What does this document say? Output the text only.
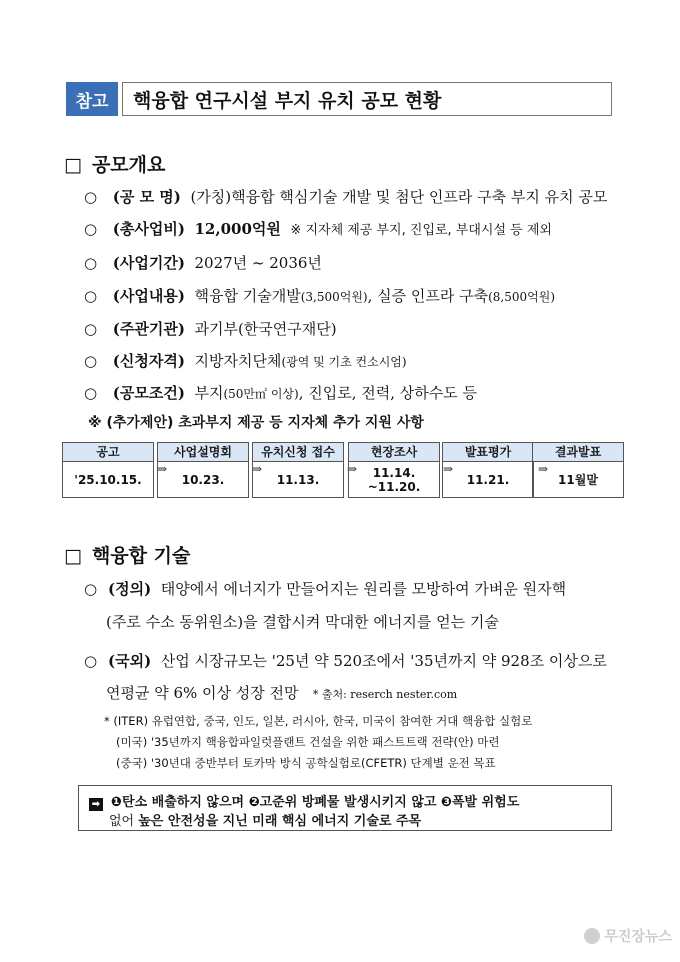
참고	핵융합 연구시설 부지 유치 공모 현황
□ 공모개요
○ (공 모 명) (가칭)핵융합 핵심기술 개발 및 첨단 인프라 구축 부지 유치 공모
○ (총사업비) 12,000억원 ※ 지자체 제공 부지, 진입로, 부대시설 등 제외
○ (사업기간) 2027년 ~ 2036년
○ (사업내용) 핵융합 기술개발(3,500억원), 실증 인프라 구축(8,500억원)
○ (주관기관) 과기부(한국연구재단)
○ (신청자격) 지방자치단체(광역 및 기초 컨소시엄)
○ (공모조건) 부지(50만㎡ 이상), 진입로, 전력, 상하수도 등
※ (추가제안) 초과부지 제공 등 지자체 추가 지원 사항
공고
'25.10.15.
⇒
사업설명회
10.23.
⇒
유치신청 접수
11.13.
⇒
현장조사
11.14.
~11.20.
⇒
발표평가
11.21.
⇒
결과발표
11월말
□ 핵융합 기술
○ (정의) 태양에서 에너지가 만들어지는 원리를 모방하여 가벼운 원자핵
(주로 수소 동위원소)을 결합시켜 막대한 에너지를 얻는 기술
○ (국외) 산업 시장규모는 '25년 약 520조에서 '35년까지 약 928조 이상으로
연평균 약 6% 이상 성장 전망 * 출처: reserch nester.com
* (ITER) 유럽연합, 중국, 인도, 일본, 러시아, 한국, 미국이 참여한 거대 핵융합 실험로
(미국) '35년까지 핵융합파일럿플랜트 건설을 위한 패스트트랙 전략(안) 마련
(중국) '30년대 중반부터 토카막 방식 공학실험로(CFETR) 단계별 운전 목표
➡ ❶탄소 배출하지 않으며 ❷고준위 방폐물 발생시키지 않고 ❸폭발 위험도
없어 높은 안전성을 지닌 미래 핵심 에너지 기술로 주목
무진장뉴스
